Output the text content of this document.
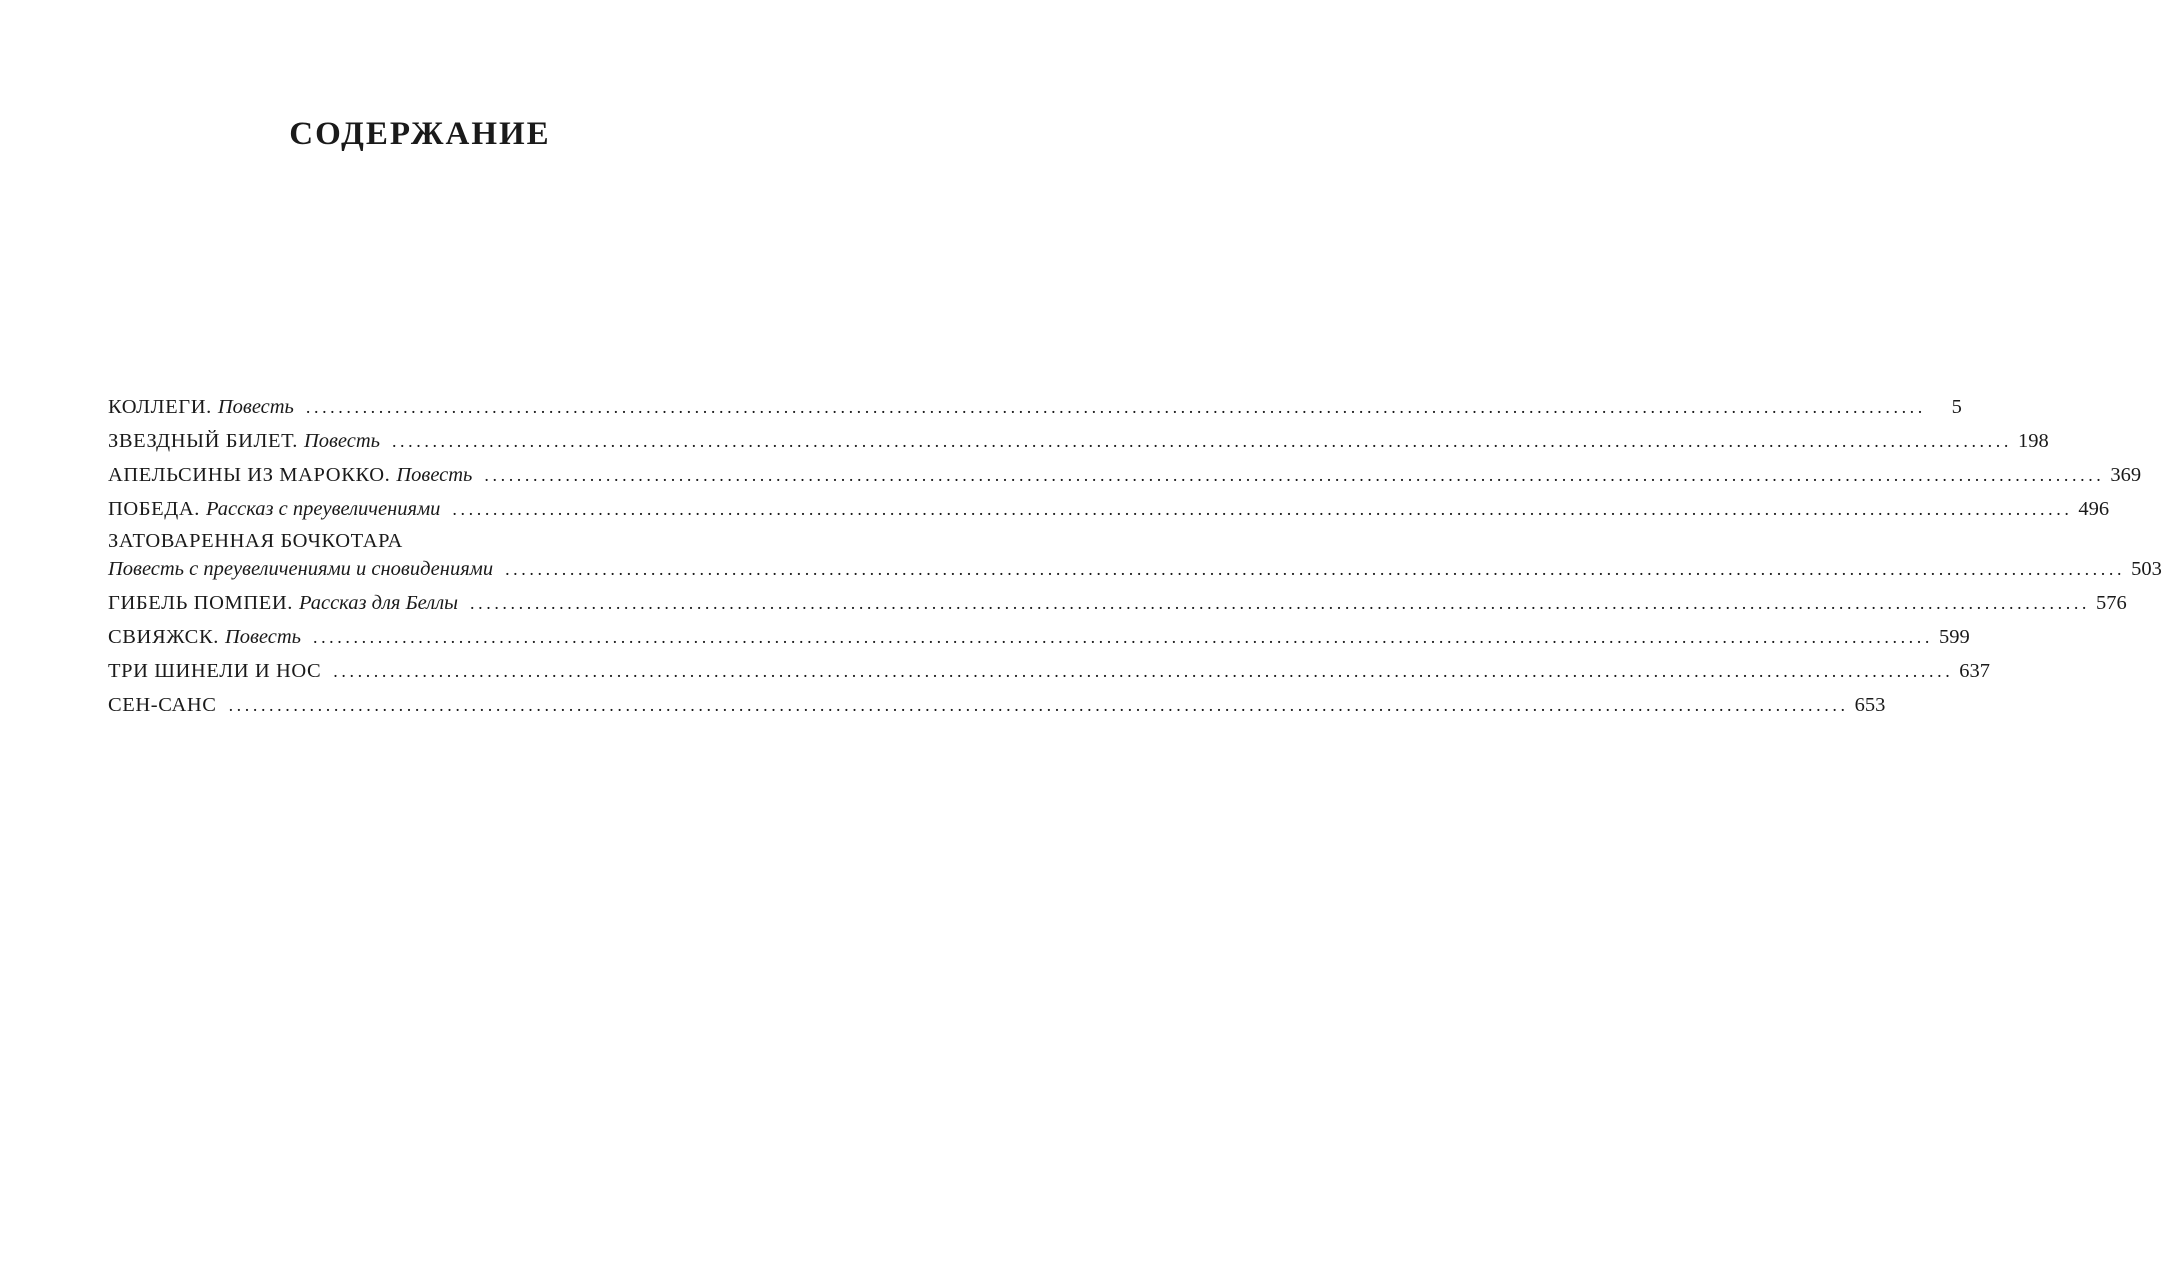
СОДЕРЖАНИЕ
КОЛЛЕГИ. Повесть ........................................................................................................................................................................................................	5
ЗВЕЗДНЫЙ БИЛЕТ. Повесть ........................................................................................................................................................................................................ 198
АПЕЛЬСИНЫ ИЗ МАРОККО. Повесть ........................................................................................................................................................................................................ 369
ПОБЕДА. Рассказ с преувеличениями ........................................................................................................................................................................................................ 496
ЗАТОВАРЕННАЯ БОЧКОТАРА
Повесть с преувеличениями и сновидениями ........................................................................................................................................................................................................ 503
ГИБЕЛЬ ПОМПЕИ. Рассказ для Беллы ........................................................................................................................................................................................................ 576
СВИЯЖСК. Повесть ........................................................................................................................................................................................................ 599
ТРИ ШИНЕЛИ И НОС ........................................................................................................................................................................................................ 637
СЕН-САНС ........................................................................................................................................................................................................ 653
